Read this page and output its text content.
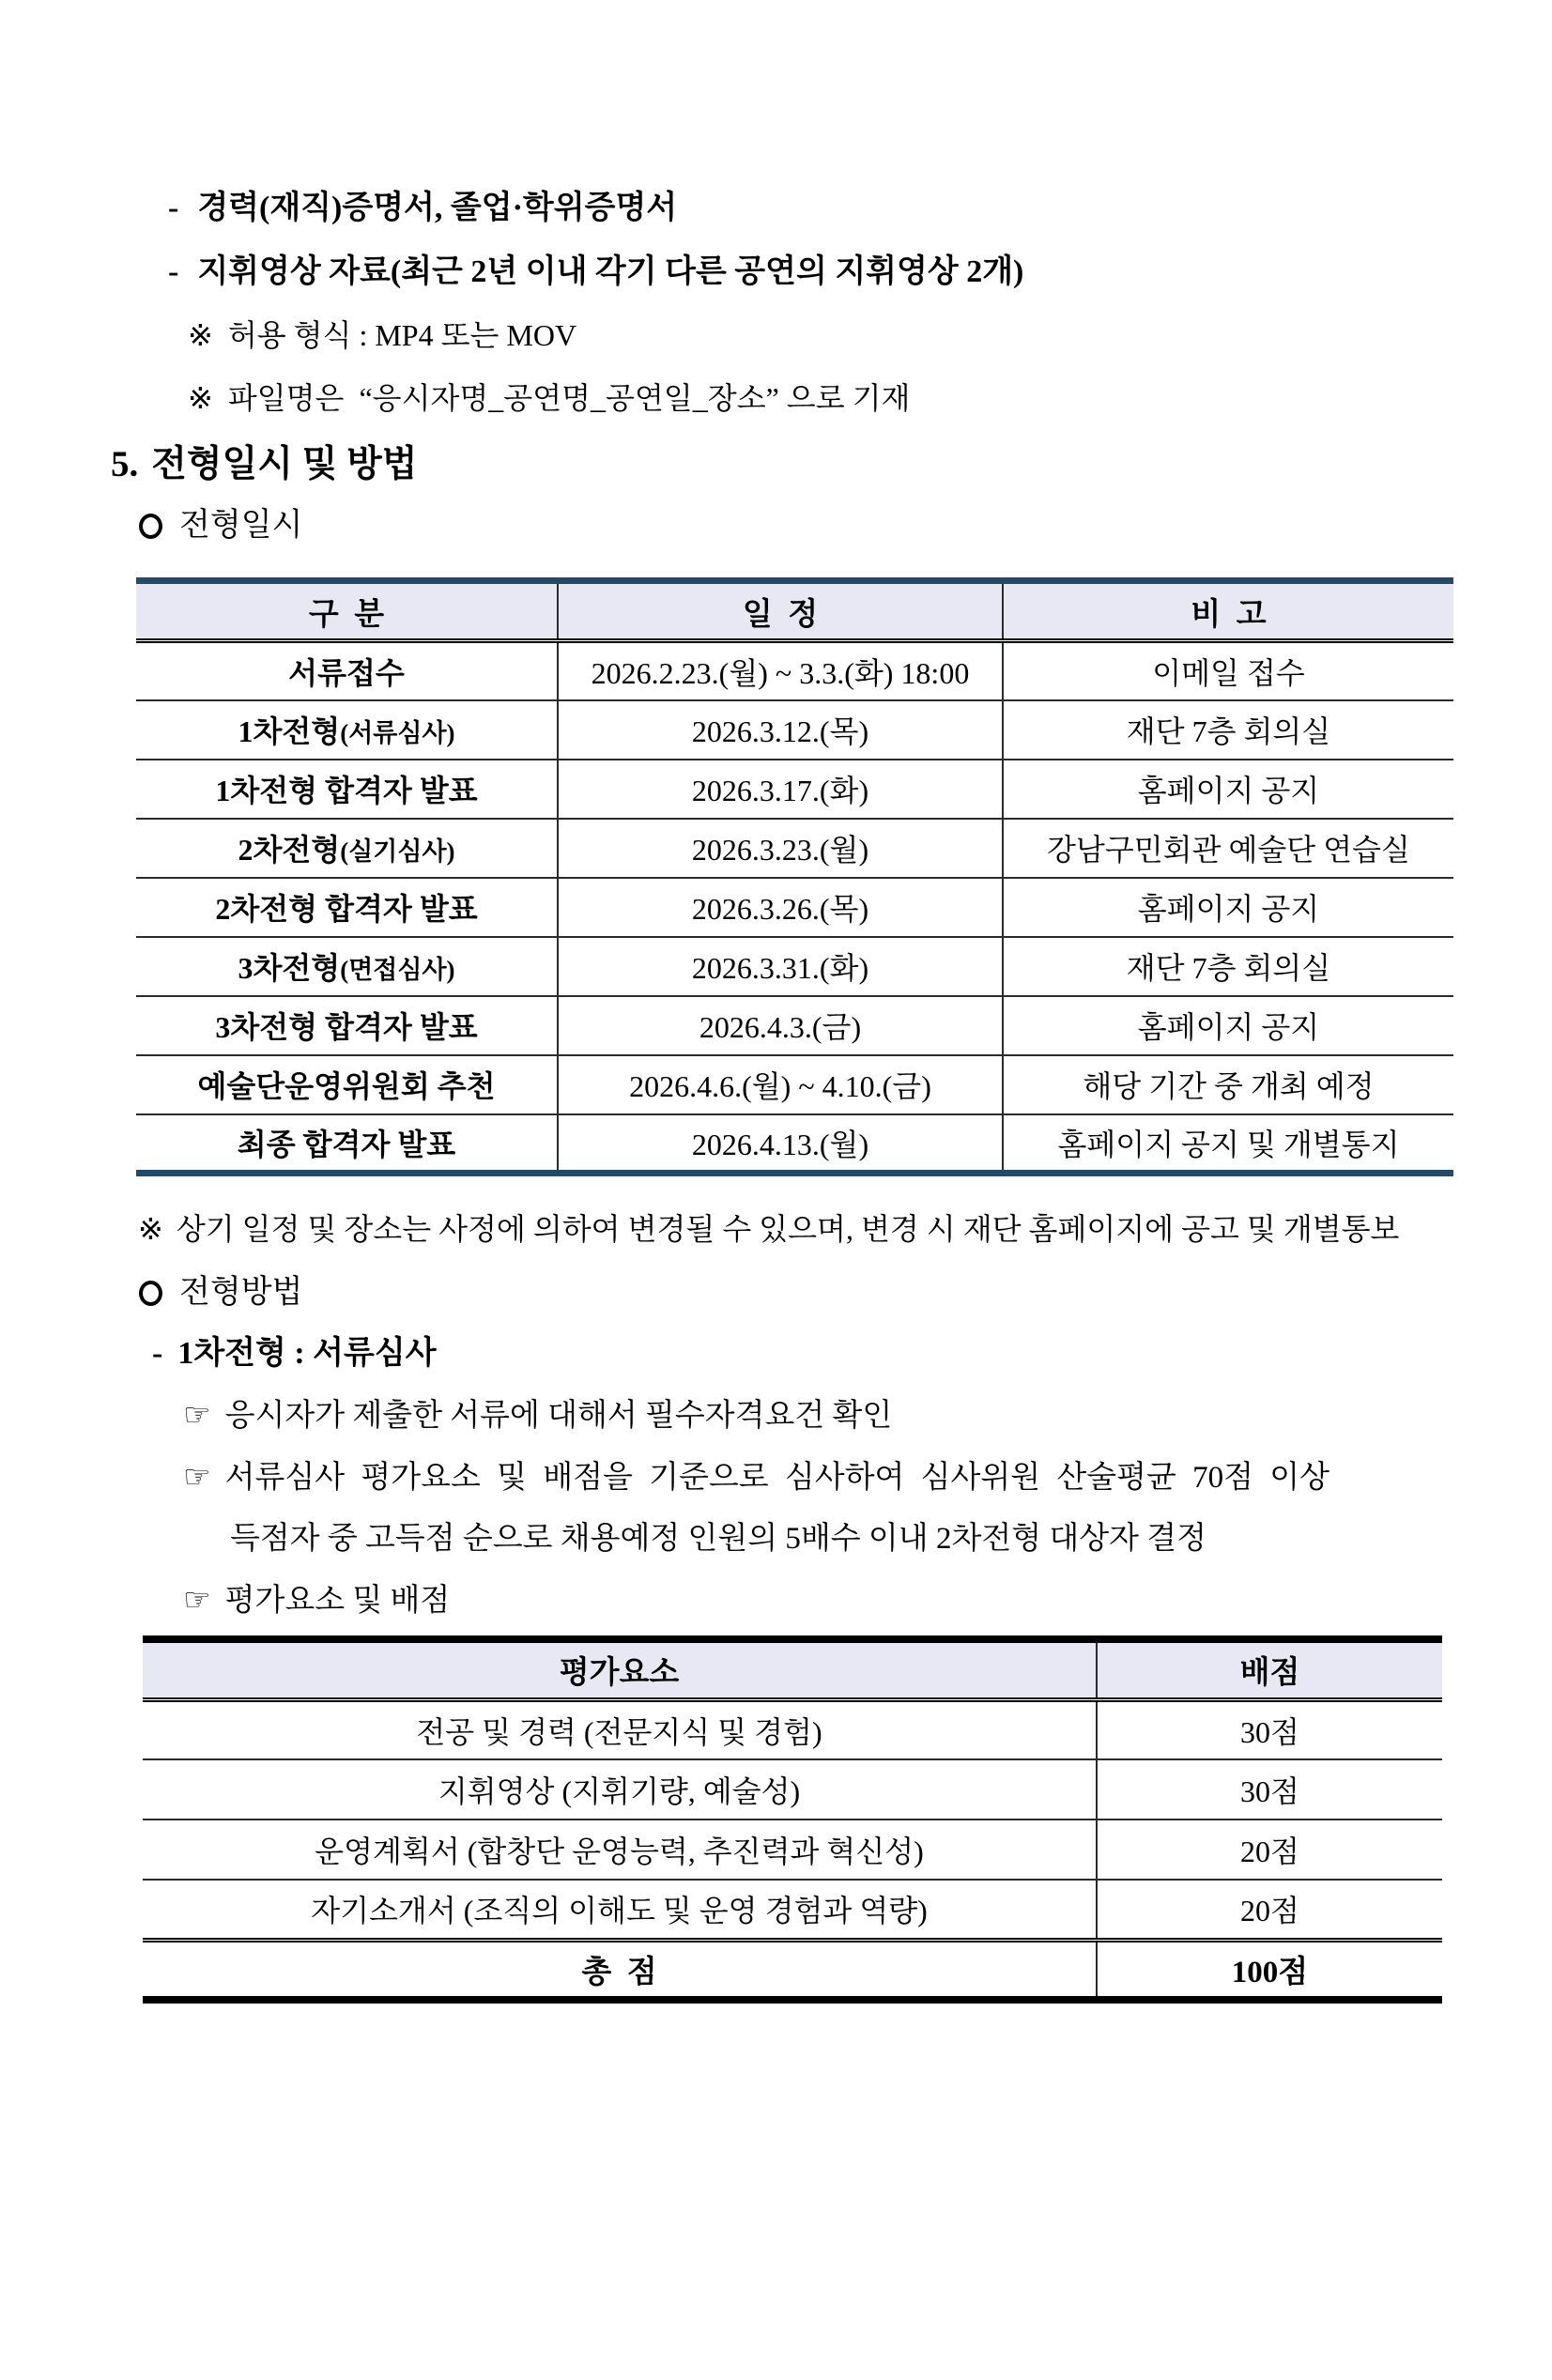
- 경력(재직)증명서, 졸업·학위증명서

- 지휘영상 자료(최근 2년 이내 각기 다른 공연의 지휘영상 2개)

※ 허용 형식 : MP4 또는 MOV

※ 파일명은  “응시자명_공연명_공연일_장소” 으로 기재

5. 전형일시 및 방법
전형일시
구  분	일  정	비  고
서류접수	2026.2.23.(월) ~ 3.3.(화) 18:00	이메일 접수
1차전형(서류심사)	2026.3.12.(목)	재단 7층 회의실
1차전형 합격자 발표	2026.3.17.(화)	홈페이지 공지
2차전형(실기심사)	2026.3.23.(월)	강남구민회관 예술단 연습실
2차전형 합격자 발표	2026.3.26.(목)	홈페이지 공지
3차전형(면접심사)	2026.3.31.(화)	재단 7층 회의실
3차전형 합격자 발표	2026.4.3.(금)	홈페이지 공지
예술단운영위원회 추천	2026.4.6.(월) ~ 4.10.(금)	해당 기간 중 개최 예정
최종 합격자 발표	2026.4.13.(월)	홈페이지 공지 및 개별통지

※ 상기 일정 및 장소는 사정에 의하여 변경될 수 있으며, 변경 시 재단 홈페이지에 공고 및 개별통보

전형방법

- 1차전형 : 서류심사

☞ 응시자가 제출한 서류에 대해서 필수자격요건 확인

☞ 서류심사 평가요소 및 배점을 기준으로 심사하여 심사위원 산술평균 70점 이상

득점자 중 고득점 순으로 채용예정 인원의 5배수 이내 2차전형 대상자 결정

☞ 평가요소 및 배점

평가요소	배점
전공 및 경력 (전문지식 및 경험)	30점
지휘영상 (지휘기량, 예술성)	30점
운영계획서 (합창단 운영능력, 추진력과 혁신성)	20점
자기소개서 (조직의 이해도 및 운영 경험과 역량)	20점
총  점	100점
